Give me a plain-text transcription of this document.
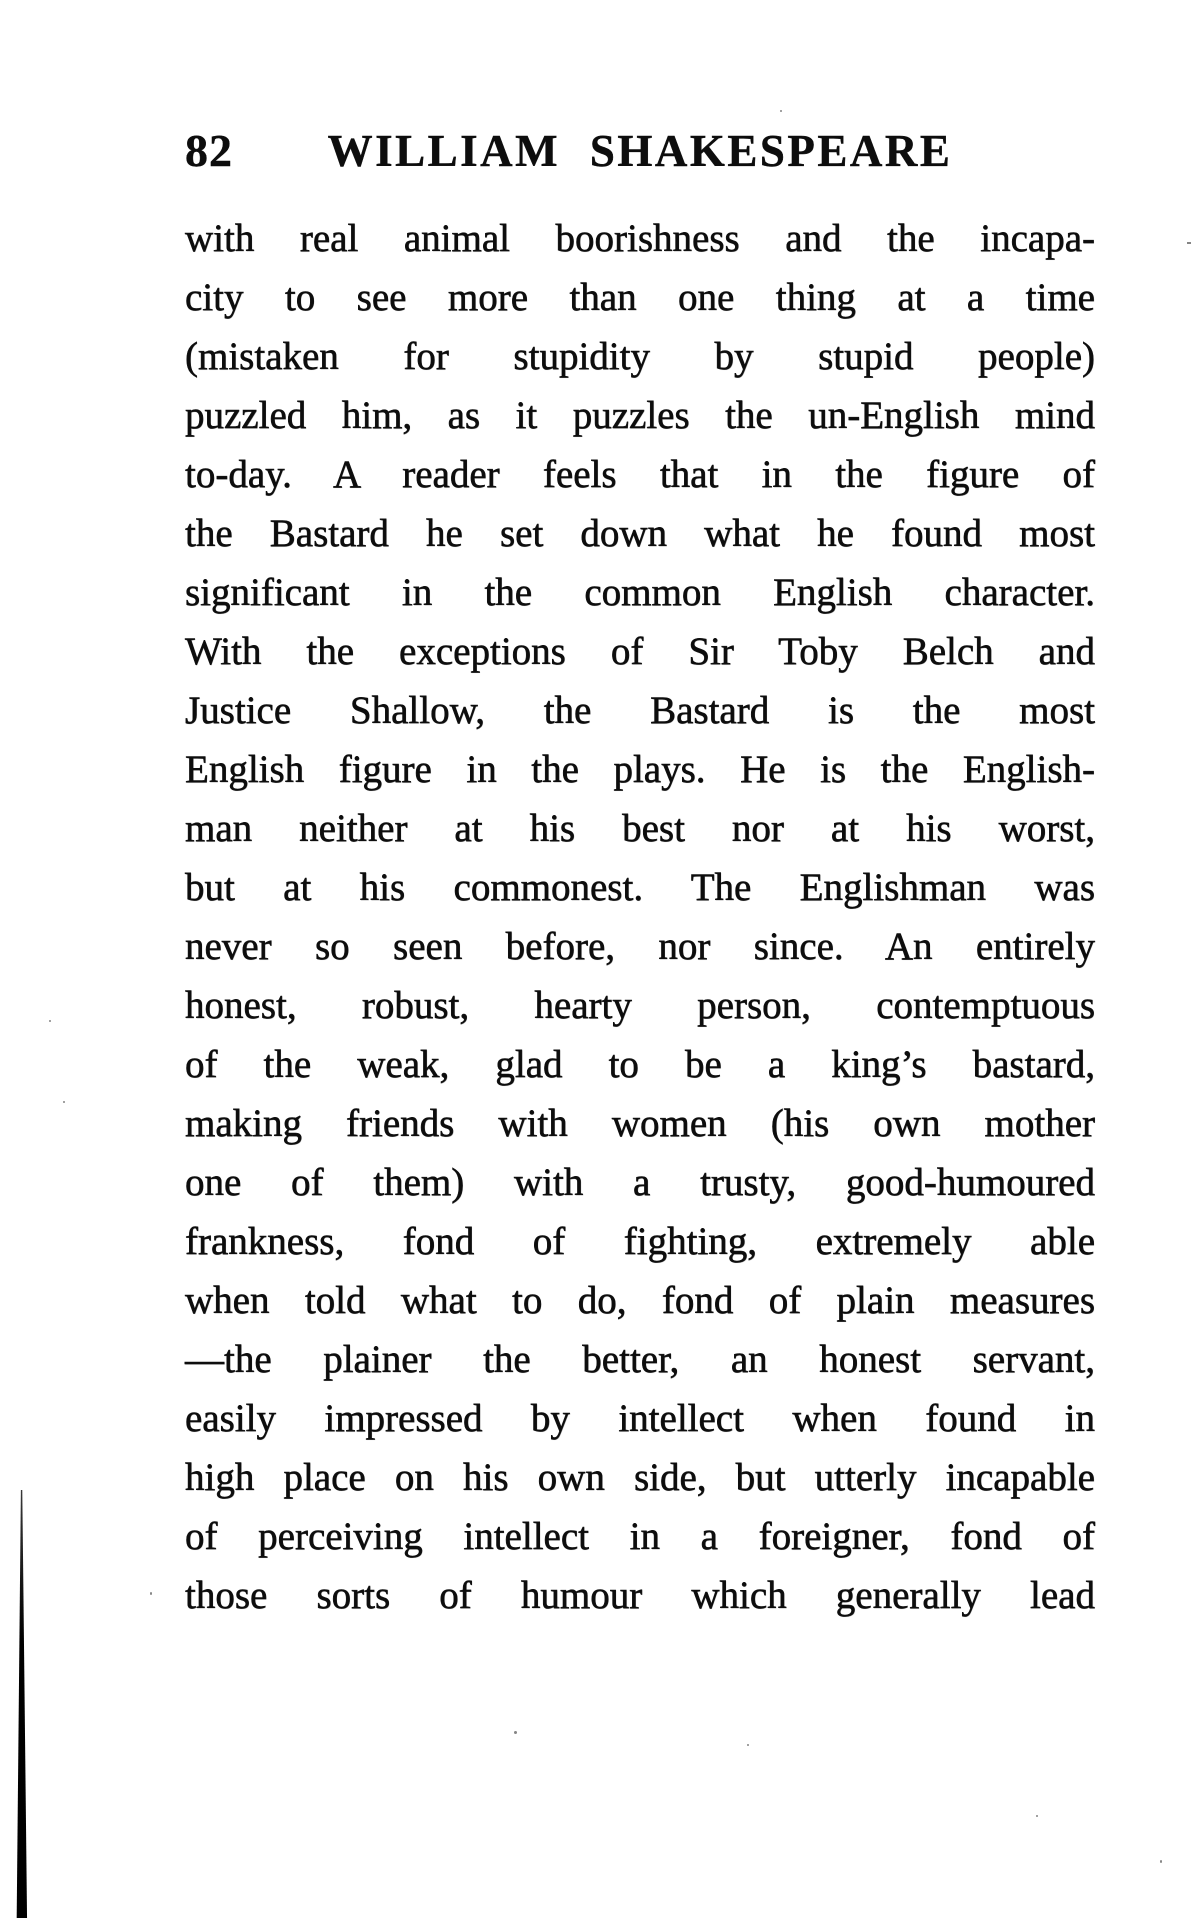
82	WILLIAM SHAKESPEARE
with real animal boorishness and the incapa-
city to see more than one thing at a time
(mistaken for stupidity by stupid people)
puzzled him, as it puzzles the un-English mind
to-day. A reader feels that in the figure of
the Bastard he set down what he found most
significant in the common English character.
With the exceptions of Sir Toby Belch and
Justice Shallow, the Bastard is the most
English figure in the plays. He is the English-
man neither at his best nor at his worst,
but at his commonest. The Englishman was
never so seen before, nor since. An entirely
honest, robust, hearty person, contemptuous
of the weak, glad to be a king’s bastard,
making friends with women (his own mother
one of them) with a trusty, good-humoured
frankness, fond of fighting, extremely able
when told what to do, fond of plain measures
—the plainer the better, an honest servant,
easily impressed by intellect when found in
high place on his own side, but utterly incapable
of perceiving intellect in a foreigner, fond of
those sorts of humour which generally lead
